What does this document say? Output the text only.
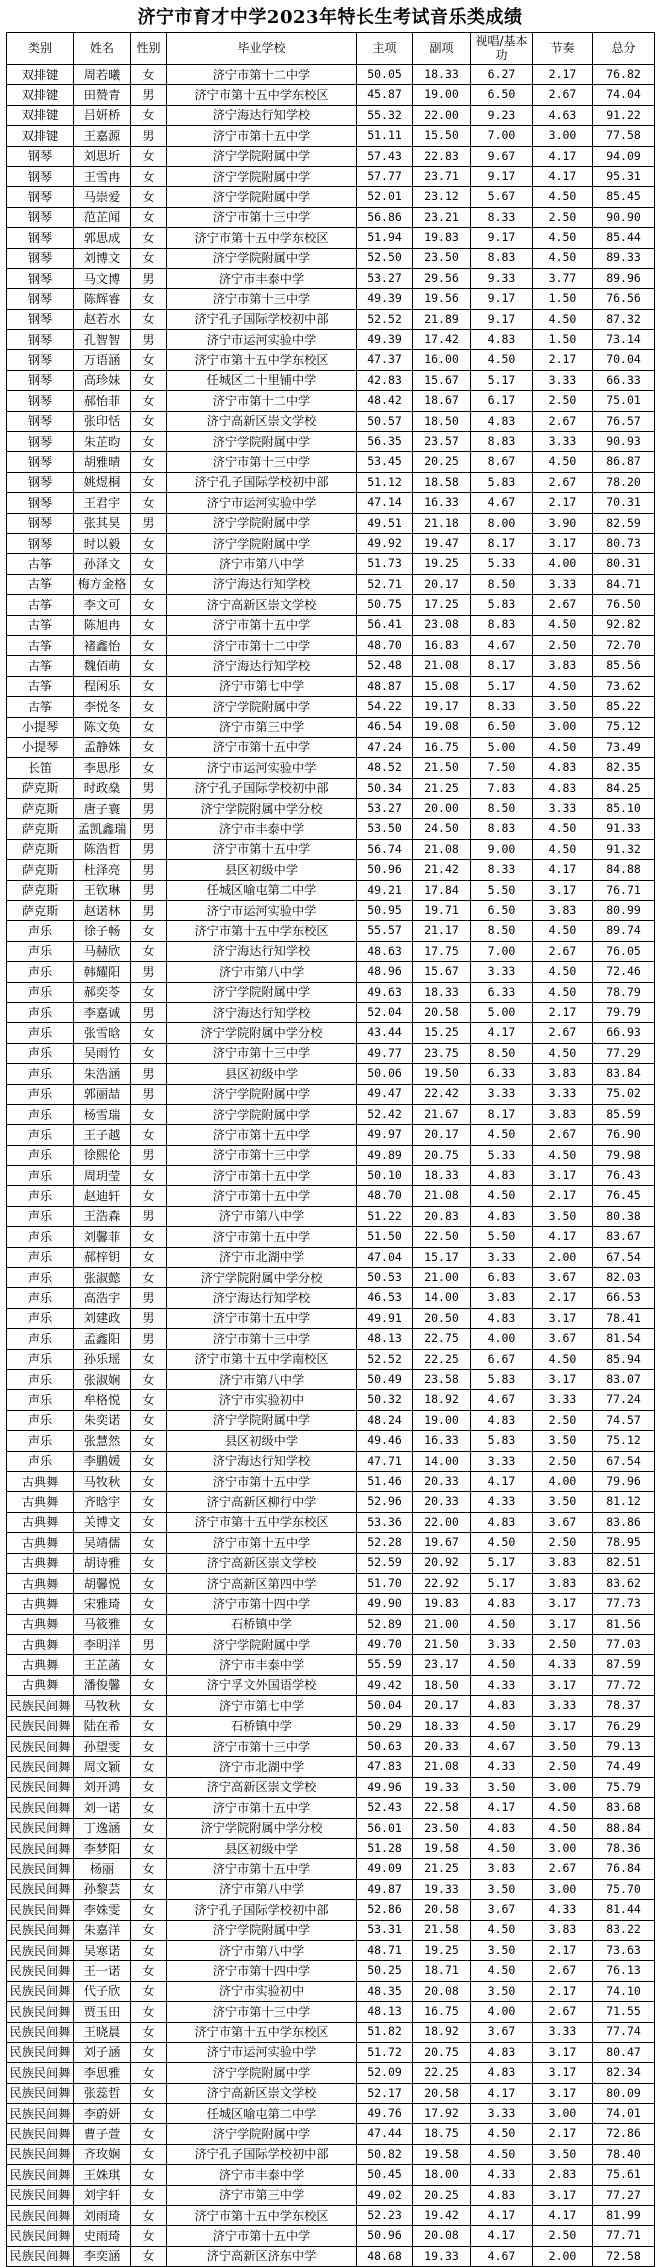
济宁市育才中学2023年特长生考试音乐类成绩
类别	姓名	性别	毕业学校	主项	副项	视唱/基本功	节奏	总分
双排键	周若曦	女	济宁市第十二中学	50.05	18.33	6.27	2.17	76.82
双排键	田赞青	男	济宁市第十五中学东校区	45.87	19.00	6.50	2.67	74.04
双排键	吕妍桥	女	济宁海达行知学校	55.32	22.00	9.23	4.63	91.22
双排键	王嘉源	男	济宁市第十五中学	51.11	15.50	7.00	3.00	77.58
钢琴	刘思圻	女	济宁学院附属中学	57.43	22.83	9.67	4.17	94.09
钢琴	王雪冉	女	济宁学院附属中学	57.77	23.71	9.17	4.17	95.31
钢琴	马崇爱	女	济宁学院附属中学	52.01	23.12	5.67	4.50	85.45
钢琴	范芷闻	女	济宁市第十三中学	56.86	23.21	8.33	2.50	90.90
钢琴	郭思成	女	济宁市第十五中学东校区	51.94	19.83	9.17	4.50	85.44
钢琴	刘博文	女	济宁学院附属中学	52.50	23.50	8.83	4.50	89.33
钢琴	马文博	男	济宁市丰泰中学	53.27	29.56	9.33	3.77	89.96
钢琴	陈辉睿	女	济宁市第十三中学	49.39	19.56	9.17	1.50	76.56
钢琴	赵若水	女	济宁孔子国际学校初中部	52.52	21.89	9.17	4.50	87.32
钢琴	孔智智	男	济宁市运河实验中学	49.39	17.42	4.83	1.50	73.14
钢琴	万语涵	女	济宁市第十五中学东校区	47.37	16.00	4.50	2.17	70.04
钢琴	高珍妹	女	任城区二十里铺中学	42.83	15.67	5.17	3.33	66.33
钢琴	郝怡菲	女	济宁市第十二中学	48.42	18.67	6.17	2.50	75.01
钢琴	张印恬	女	济宁高新区崇文学校	50.57	18.50	4.83	2.67	76.57
钢琴	朱芷昀	女	济宁学院附属中学	56.35	23.57	8.83	3.33	90.93
钢琴	胡雅晴	女	济宁市第十三中学	53.45	20.25	8.67	4.50	86.87
钢琴	姚煜桐	女	济宁孔子国际学校初中部	51.12	18.58	5.83	2.67	78.20
钢琴	王君宇	女	济宁市运河实验中学	47.14	16.33	4.67	2.17	70.31
钢琴	张其昊	男	济宁学院附属中学	49.51	21.18	8.00	3.90	82.59
钢琴	时以毅	女	济宁学院附属中学	49.92	19.47	8.17	3.17	80.73
古筝	孙泽文	女	济宁市第八中学	51.73	19.25	5.33	4.00	80.31
古筝	梅方金格	女	济宁海达行知学校	52.71	20.17	8.50	3.33	84.71
古筝	李文可	女	济宁高新区崇文学校	50.75	17.25	5.83	2.67	76.50
古筝	陈旭冉	女	济宁市第十五中学	56.41	23.08	8.83	4.50	92.82
古筝	褚鑫怡	女	济宁市第十二中学	48.70	16.83	4.67	2.50	72.70
古筝	魏佰萌	女	济宁海达行知学校	52.48	21.08	8.17	3.83	85.56
古筝	程闲乐	女	济宁市第七中学	48.87	15.08	5.17	4.50	73.62
古筝	李悦冬	女	济宁学院附属中学	54.22	19.17	8.33	3.50	85.22
小提琴	陈文奂	女	济宁市第三中学	46.54	19.08	6.50	3.00	75.12
小提琴	孟静姝	女	济宁市第十五中学	47.24	16.75	5.00	4.50	73.49
长笛	李思彤	女	济宁市运河实验中学	48.52	21.50	7.50	4.83	82.35
萨克斯	时政燊	男	济宁孔子国际学校初中部	50.34	21.25	7.83	4.83	84.25
萨克斯	唐子寰	男	济宁学院附属中学分校	53.27	20.00	8.50	3.33	85.10
萨克斯	孟凯鑫瑞	男	济宁市丰泰中学	53.50	24.50	8.83	4.50	91.33
萨克斯	陈浩哲	男	济宁市第十五中学	56.74	21.08	9.00	4.50	91.32
萨克斯	杜泽亮	男	县区初级中学	50.96	21.42	8.33	4.17	84.88
萨克斯	王钦琳	男	任城区喻屯第二中学	49.21	17.84	5.50	3.17	76.71
萨克斯	赵诺林	男	济宁市运河实验中学	50.95	19.71	6.50	3.83	80.99
声乐	徐子畅	女	济宁市第十五中学东校区	55.57	21.17	8.50	4.50	89.74
声乐	马赫欣	女	济宁海达行知学校	48.63	17.75	7.00	2.67	76.05
声乐	韩耀阳	男	济宁市第八中学	48.96	15.67	3.33	4.50	72.46
声乐	郝奕苓	女	济宁学院附属中学	49.63	18.33	6.33	4.50	78.79
声乐	李嘉诚	男	济宁海达行知学校	52.04	20.58	5.00	2.17	79.79
声乐	张雪晗	女	济宁学院附属中学分校	43.44	15.25	4.17	2.67	66.93
声乐	吴雨竹	女	济宁市第十三中学	49.77	23.75	8.50	4.50	77.29
声乐	朱浩涵	男	县区初级中学	50.06	19.50	6.33	3.83	83.84
声乐	郭丽喆	男	济宁学院附属中学	49.47	22.42	3.33	3.33	75.02
声乐	杨雪瑞	女	济宁学院附属中学	52.42	21.67	8.17	3.83	85.59
声乐	王子越	女	济宁市第十五中学	49.97	20.17	4.50	2.67	76.90
声乐	徐熙伦	男	济宁市第十三中学	49.89	20.75	5.33	4.50	79.98
声乐	周玥莹	女	济宁市第十五中学	50.10	18.33	4.83	3.17	76.43
声乐	赵迪轩	女	济宁市第十五中学	48.70	21.08	4.50	2.17	76.45
声乐	王浩森	男	济宁市第八中学	51.22	20.83	4.83	3.50	80.38
声乐	刘馨菲	女	济宁市第十五中学	51.50	22.50	5.50	4.17	83.67
声乐	郝梓钥	女	济宁市北湖中学	47.04	15.17	3.33	2.00	67.54
声乐	张淑懿	女	济宁学院附属中学分校	50.53	21.00	6.83	3.67	82.03
声乐	高浩宇	男	济宁海达行知学校	46.53	14.00	3.83	2.17	66.53
声乐	刘建政	男	济宁市第十五中学	49.91	20.50	4.83	3.17	78.41
声乐	孟鑫阳	男	济宁市第十三中学	48.13	22.75	4.00	3.67	81.54
声乐	孙乐瑶	女	济宁市第十五中学南校区	52.52	22.25	6.67	4.50	85.94
声乐	张淑娴	女	济宁市第八中学	50.49	23.58	5.83	3.17	83.07
声乐	牟格悦	女	济宁市实验初中	50.32	18.92	4.67	3.33	77.24
声乐	朱奕诺	女	济宁学院附属中学	48.24	19.00	4.83	2.50	74.57
声乐	张慧然	女	县区初级中学	49.46	16.33	5.83	3.50	75.12
声乐	李鹏媛	女	济宁海达行知学校	47.71	14.00	3.33	2.50	67.54
古典舞	马牧秋	女	济宁市第十五中学	51.46	20.33	4.17	4.00	79.96
古典舞	齐晗宇	女	济宁高新区柳行中学	52.96	20.33	4.33	3.50	81.12
古典舞	关博文	女	济宁市第十五中学东校区	53.36	22.00	4.83	3.67	83.86
古典舞	吴靖儒	女	济宁市第十五中学	52.28	19.67	4.50	2.50	78.95
古典舞	胡诗雅	女	济宁高新区崇文学校	52.59	20.92	5.17	3.83	82.51
古典舞	胡馨悦	女	济宁高新区第四中学	51.70	22.92	5.17	3.83	83.62
古典舞	宋雅琦	女	济宁市第十四中学	49.90	19.83	4.83	3.17	77.73
古典舞	马筱雅	女	石桥镇中学	52.89	21.00	4.50	3.17	81.56
古典舞	李明洋	男	济宁学院附属中学	49.70	21.50	3.33	2.50	77.03
古典舞	王芷菡	女	济宁市丰泰中学	55.59	23.17	4.50	4.33	87.59
古典舞	潘俊馨	女	济宁孚文外国语学校	49.42	18.50	4.33	3.17	77.72
民族民间舞	马牧秋	女	济宁市第七中学	50.04	20.17	4.83	3.33	78.37
民族民间舞	陆在希	女	石桥镇中学	50.29	18.33	4.50	3.17	76.29
民族民间舞	孙望雯	女	济宁市第十三中学	50.63	20.33	4.67	3.50	79.13
民族民间舞	周文颖	女	济宁市北湖中学	47.83	21.08	4.33	2.50	74.49
民族民间舞	刘开鸿	女	济宁高新区崇文学校	49.96	19.33	3.50	3.00	75.79
民族民间舞	刘一诺	女	济宁市第十五中学	52.43	22.58	4.17	4.50	83.68
民族民间舞	丁逸涵	女	济宁学院附属中学分校	56.01	23.50	4.83	4.50	88.84
民族民间舞	李梦阳	女	县区初级中学	51.28	19.58	4.50	3.00	78.36
民族民间舞	杨丽	女	济宁市第十五中学	49.09	21.25	3.83	2.67	76.84
民族民间舞	孙黎芸	女	济宁市第八中学	49.87	19.33	3.50	3.00	75.70
民族民间舞	李姝雯	女	济宁孔子国际学校初中部	52.86	20.58	3.67	4.33	81.44
民族民间舞	朱嘉洋	女	济宁学院附属中学	53.31	21.58	4.50	3.83	83.22
民族民间舞	吴寒诺	女	济宁市第八中学	48.71	19.25	3.50	2.17	73.63
民族民间舞	王一诺	女	济宁市第十四中学	50.25	18.71	4.50	2.67	76.13
民族民间舞	代子欣	女	济宁市实验初中	48.35	20.08	3.50	2.17	74.10
民族民间舞	贾玉田	女	济宁市第十三中学	48.13	16.75	4.00	2.67	71.55
民族民间舞	王晓晨	女	济宁市第十五中学东校区	51.82	18.92	3.67	3.33	77.74
民族民间舞	刘子涵	女	济宁市运河实验中学	51.72	20.75	4.83	3.17	80.47
民族民间舞	李思雅	女	济宁学院附属中学	52.09	22.25	4.83	3.17	82.34
民族民间舞	张蕊哲	女	济宁高新区崇文学校	52.17	20.58	4.17	3.17	80.09
民族民间舞	李蔚妍	女	任城区喻屯第二中学	49.76	17.92	3.33	3.00	74.01
民族民间舞	曹子萱	女	济宁学院附属中学	47.44	18.75	4.50	2.17	72.86
民族民间舞	齐玫娴	女	济宁孔子国际学校初中部	50.82	19.58	4.50	3.50	78.40
民族民间舞	王姝琪	女	济宁市丰泰中学	50.45	18.00	4.33	2.83	75.61
民族民间舞	刘宇轩	女	济宁市第三中学	49.02	20.25	4.83	3.17	77.27
民族民间舞	刘雨琦	女	济宁市第十五中学东校区	52.23	19.42	4.17	4.17	81.99
民族民间舞	史雨琦	女	济宁市第十五中学	50.96	20.08	4.17	2.50	77.71
民族民间舞	李奕涵	女	济宁高新区济东中学	48.68	19.33	4.67	2.00	72.58
